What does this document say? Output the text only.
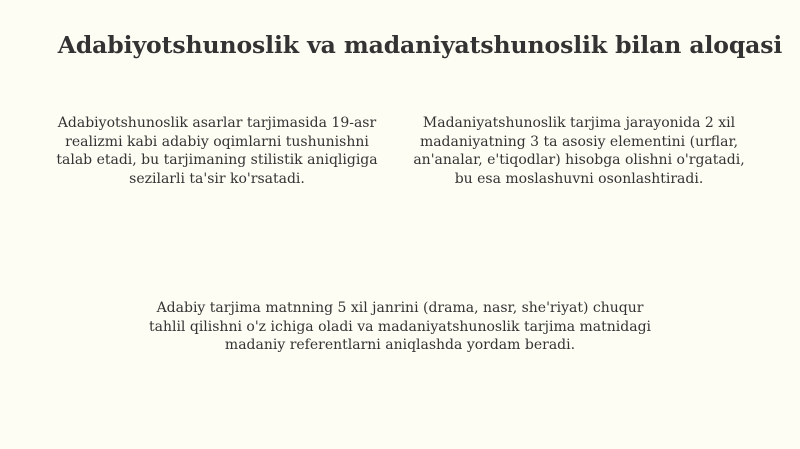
Adabiyotshunoslik va madaniyatshunoslik bilan aloqasi
Adabiyotshunoslik asarlar tarjimasida 19-asr realizmi kabi adabiy oqimlarni tushunishni talab etadi, bu tarjimaning stilistik aniqligiga sezilarli ta'sir ko'rsatadi.
Madaniyatshunoslik tarjima jarayonida 2 xil madaniyatning 3 ta asosiy elementini (urflar, an'analar, e'tiqodlar) hisobga olishni o'rgatadi, bu esa moslashuvni osonlashtiradi.
Adabiy tarjima matnning 5 xil janrini (drama, nasr, she'riyat) chuqur tahlil qilishni o'z ichiga oladi va madaniyatshunoslik tarjima matnidagi madaniy referentlarni aniqlashda yordam beradi.
